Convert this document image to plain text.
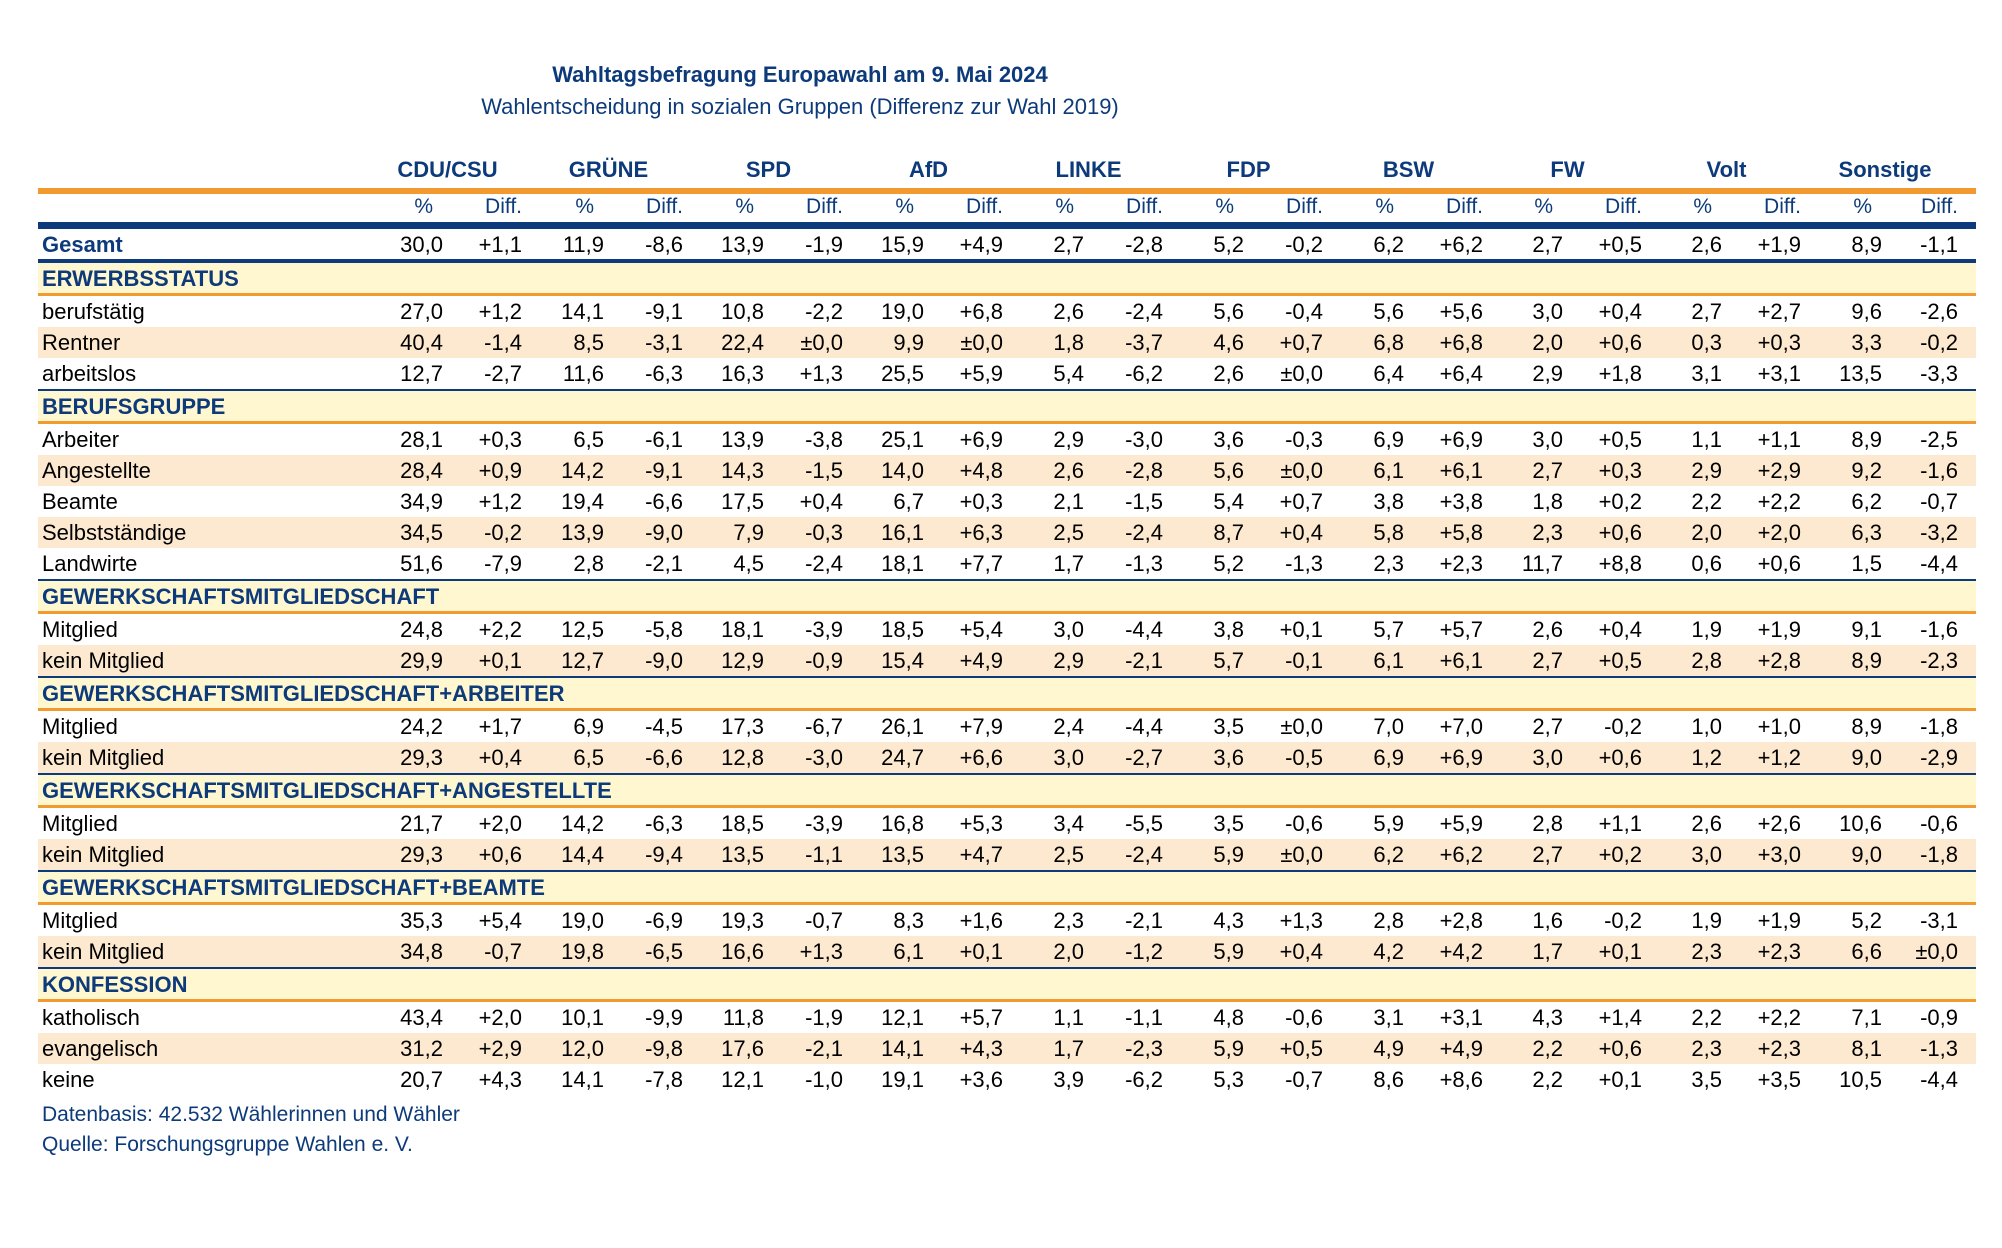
Wahltagsbefragung Europawahl am 9. Mai 2024
Wahlentscheidung in sozialen Gruppen (Differenz zur Wahl 2019)
CDU/CSU	GRÜNE	SPD	AfD	LINKE	FDP	BSW	FW	Volt	Sonstige
%	Diff.	%	Diff.	%	Diff.	%	Diff.	%	Diff.	%	Diff.	%	Diff.	%	Diff.	%	Diff.	%	Diff.
Gesamt	30,0	+1,1	11,9	-8,6	13,9	-1,9	15,9	+4,9	2,7	-2,8	5,2	-0,2	6,2	+6,2	2,7	+0,5	2,6	+1,9	8,9	-1,1
ERWERBSSTATUS
berufstätig	27,0	+1,2	14,1	-9,1	10,8	-2,2	19,0	+6,8	2,6	-2,4	5,6	-0,4	5,6	+5,6	3,0	+0,4	2,7	+2,7	9,6	-2,6
Rentner	40,4	-1,4	8,5	-3,1	22,4	±0,0	9,9	±0,0	1,8	-3,7	4,6	+0,7	6,8	+6,8	2,0	+0,6	0,3	+0,3	3,3	-0,2
arbeitslos	12,7	-2,7	11,6	-6,3	16,3	+1,3	25,5	+5,9	5,4	-6,2	2,6	±0,0	6,4	+6,4	2,9	+1,8	3,1	+3,1	13,5	-3,3
BERUFSGRUPPE
Arbeiter	28,1	+0,3	6,5	-6,1	13,9	-3,8	25,1	+6,9	2,9	-3,0	3,6	-0,3	6,9	+6,9	3,0	+0,5	1,1	+1,1	8,9	-2,5
Angestellte	28,4	+0,9	14,2	-9,1	14,3	-1,5	14,0	+4,8	2,6	-2,8	5,6	±0,0	6,1	+6,1	2,7	+0,3	2,9	+2,9	9,2	-1,6
Beamte	34,9	+1,2	19,4	-6,6	17,5	+0,4	6,7	+0,3	2,1	-1,5	5,4	+0,7	3,8	+3,8	1,8	+0,2	2,2	+2,2	6,2	-0,7
Selbstständige	34,5	-0,2	13,9	-9,0	7,9	-0,3	16,1	+6,3	2,5	-2,4	8,7	+0,4	5,8	+5,8	2,3	+0,6	2,0	+2,0	6,3	-3,2
Landwirte	51,6	-7,9	2,8	-2,1	4,5	-2,4	18,1	+7,7	1,7	-1,3	5,2	-1,3	2,3	+2,3	11,7	+8,8	0,6	+0,6	1,5	-4,4
GEWERKSCHAFTSMITGLIEDSCHAFT
Mitglied	24,8	+2,2	12,5	-5,8	18,1	-3,9	18,5	+5,4	3,0	-4,4	3,8	+0,1	5,7	+5,7	2,6	+0,4	1,9	+1,9	9,1	-1,6
kein Mitglied	29,9	+0,1	12,7	-9,0	12,9	-0,9	15,4	+4,9	2,9	-2,1	5,7	-0,1	6,1	+6,1	2,7	+0,5	2,8	+2,8	8,9	-2,3
GEWERKSCHAFTSMITGLIEDSCHAFT+ARBEITER
Mitglied	24,2	+1,7	6,9	-4,5	17,3	-6,7	26,1	+7,9	2,4	-4,4	3,5	±0,0	7,0	+7,0	2,7	-0,2	1,0	+1,0	8,9	-1,8
kein Mitglied	29,3	+0,4	6,5	-6,6	12,8	-3,0	24,7	+6,6	3,0	-2,7	3,6	-0,5	6,9	+6,9	3,0	+0,6	1,2	+1,2	9,0	-2,9
GEWERKSCHAFTSMITGLIEDSCHAFT+ANGESTELLTE
Mitglied	21,7	+2,0	14,2	-6,3	18,5	-3,9	16,8	+5,3	3,4	-5,5	3,5	-0,6	5,9	+5,9	2,8	+1,1	2,6	+2,6	10,6	-0,6
kein Mitglied	29,3	+0,6	14,4	-9,4	13,5	-1,1	13,5	+4,7	2,5	-2,4	5,9	±0,0	6,2	+6,2	2,7	+0,2	3,0	+3,0	9,0	-1,8
GEWERKSCHAFTSMITGLIEDSCHAFT+BEAMTE
Mitglied	35,3	+5,4	19,0	-6,9	19,3	-0,7	8,3	+1,6	2,3	-2,1	4,3	+1,3	2,8	+2,8	1,6	-0,2	1,9	+1,9	5,2	-3,1
kein Mitglied	34,8	-0,7	19,8	-6,5	16,6	+1,3	6,1	+0,1	2,0	-1,2	5,9	+0,4	4,2	+4,2	1,7	+0,1	2,3	+2,3	6,6	±0,0
KONFESSION
katholisch	43,4	+2,0	10,1	-9,9	11,8	-1,9	12,1	+5,7	1,1	-1,1	4,8	-0,6	3,1	+3,1	4,3	+1,4	2,2	+2,2	7,1	-0,9
evangelisch	31,2	+2,9	12,0	-9,8	17,6	-2,1	14,1	+4,3	1,7	-2,3	5,9	+0,5	4,9	+4,9	2,2	+0,6	2,3	+2,3	8,1	-1,3
keine	20,7	+4,3	14,1	-7,8	12,1	-1,0	19,1	+3,6	3,9	-6,2	5,3	-0,7	8,6	+8,6	2,2	+0,1	3,5	+3,5	10,5	-4,4
Datenbasis: 42.532 Wählerinnen und Wähler
Quelle: Forschungsgruppe Wahlen e. V.
